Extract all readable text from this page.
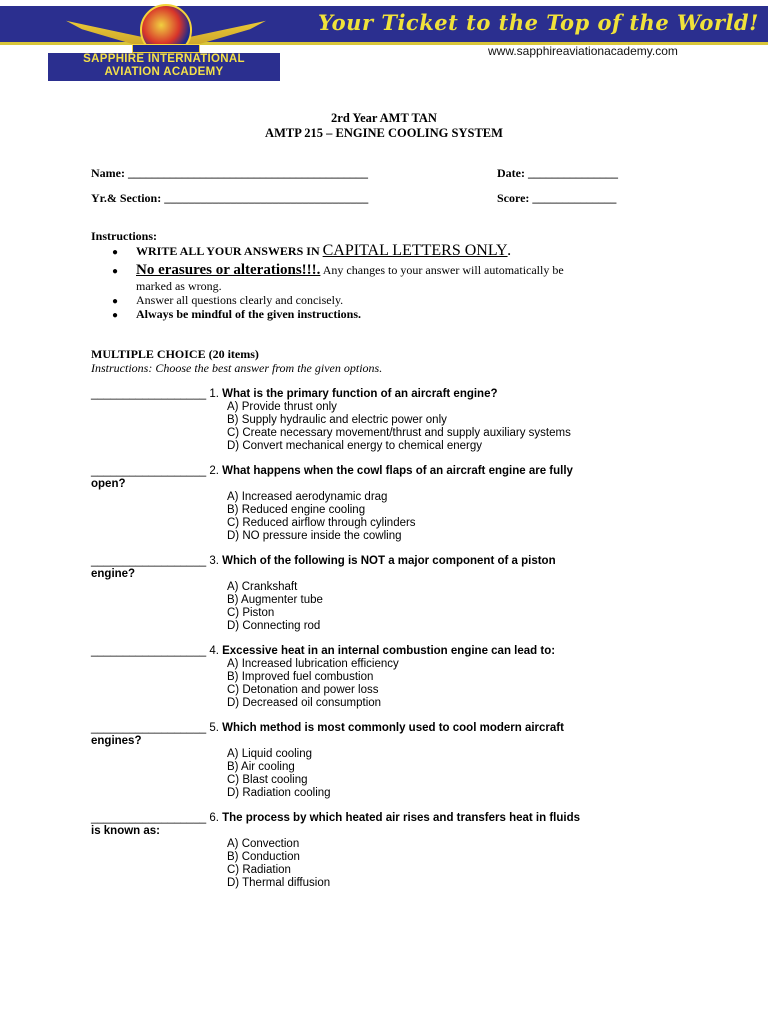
Your Ticket to the Top of the World!
www.sapphireaviationacademy.com
SAPPHIRE INTERNATIONAL
AVIATION ACADEMY
2rd Year AMT TAN
AMTP 215 – ENGINE COOLING SYSTEM
Name: ________________________________________	Date: _______________
Yr.& Section: __________________________________	Score: ______________
Instructions:
● WRITE ALL YOUR ANSWERS IN CAPITAL LETTERS ONLY.
● No erasures or alterations!!!. Any changes to your answer will automatically be
marked as wrong.
● Answer all questions clearly and concisely.
● Always be mindful of the given instructions.
MULTIPLE CHOICE (20 items)
Instructions: Choose the best answer from the given options.
__________________ 1. What is the primary function of an aircraft engine?
A) Provide thrust only
B) Supply hydraulic and electric power only
C) Create necessary movement/thrust and supply auxiliary systems
D) Convert mechanical energy to chemical energy
__________________ 2. What happens when the cowl flaps of an aircraft engine are fully
open?
A) Increased aerodynamic drag
B) Reduced engine cooling
C) Reduced airflow through cylinders
D) NO pressure inside the cowling
__________________ 3. Which of the following is NOT a major component of a piston
engine?
A) Crankshaft
B) Augmenter tube
C) Piston
D) Connecting rod
__________________ 4. Excessive heat in an internal combustion engine can lead to:
A) Increased lubrication efficiency
B) Improved fuel combustion
C) Detonation and power loss
D) Decreased oil consumption
__________________ 5. Which method is most commonly used to cool modern aircraft
engines?
A) Liquid cooling
B) Air cooling
C) Blast cooling
D) Radiation cooling
__________________ 6. The process by which heated air rises and transfers heat in fluids
is known as:
A) Convection
B) Conduction
C) Radiation
D) Thermal diffusion
